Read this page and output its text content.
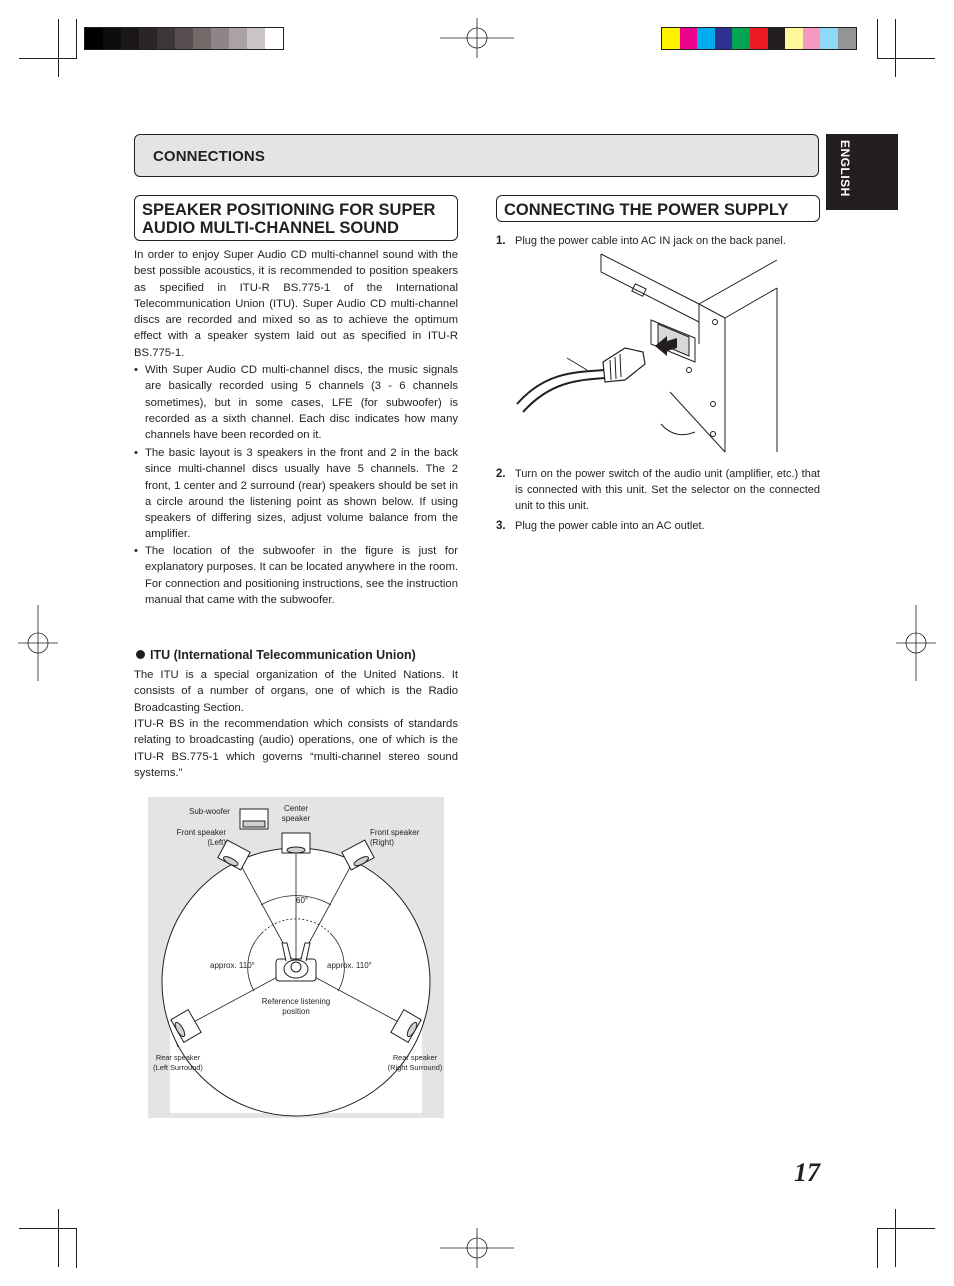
CONNECTIONS	ENGLISH
SPEAKER POSITIONING FOR SUPER
AUDIO MULTI-CHANNEL SOUND
In order to enjoy Super Audio CD multi-channel sound with the best possible acoustics, it is recommended to position speakers as specified in ITU-R BS.775-1 of the International Telecommunication Union (ITU). Super Audio CD multi-channel discs are recorded and mixed so as to achieve the optimum effect with a speaker system laid out as specified in ITU-R BS.775-1.
• With Super Audio CD multi-channel discs, the music signals are basically recorded using 5 channels (3 - 6 channels sometimes), but in some cases, LFE (for subwoofer) is recorded as a sixth channel. Each disc indicates how many channels have been recorded on it.
• The basic layout is 3 speakers in the front and 2 in the back since multi-channel discs usually have 5 channels. The 2 front, 1 center and 2 surround (rear) speakers should be set in a circle around the listening point as shown below. If using speakers of differing sizes, adjust volume balance from the amplifier.
• The location of the subwoofer in the figure is just for explanatory purposes. It can be located anywhere in the room. For connection and positioning instructions, see the instruction manual that came with the subwoofer.
ITU (International Telecommunication Union)
The ITU is a special organization of the United Nations. It consists of a number of organs, one of which is the Radio Broadcasting Section.
ITU-R BS in the recommendation which consists of standards relating to broadcasting (audio) operations, one of which is the ITU-R BS.775-1 which governs “multi-channel stereo sound systems.”
Sub-woofer	Center
speaker
Front speaker
(Left)
Front speaker
(Right)
60°
approx. 110°	approx. 110°
Reference listening
position
Rear speaker
(Left Surround)
Rear speaker
(Right Surround)
CONNECTING THE POWER SUPPLY
1. Plug the power cable into AC IN jack on the back panel.
2. Turn on the power switch of the audio unit (amplifier, etc.) that is connected with this unit. Set the selector on the connected unit to this unit.
3. Plug the power cable into an AC outlet.
17
